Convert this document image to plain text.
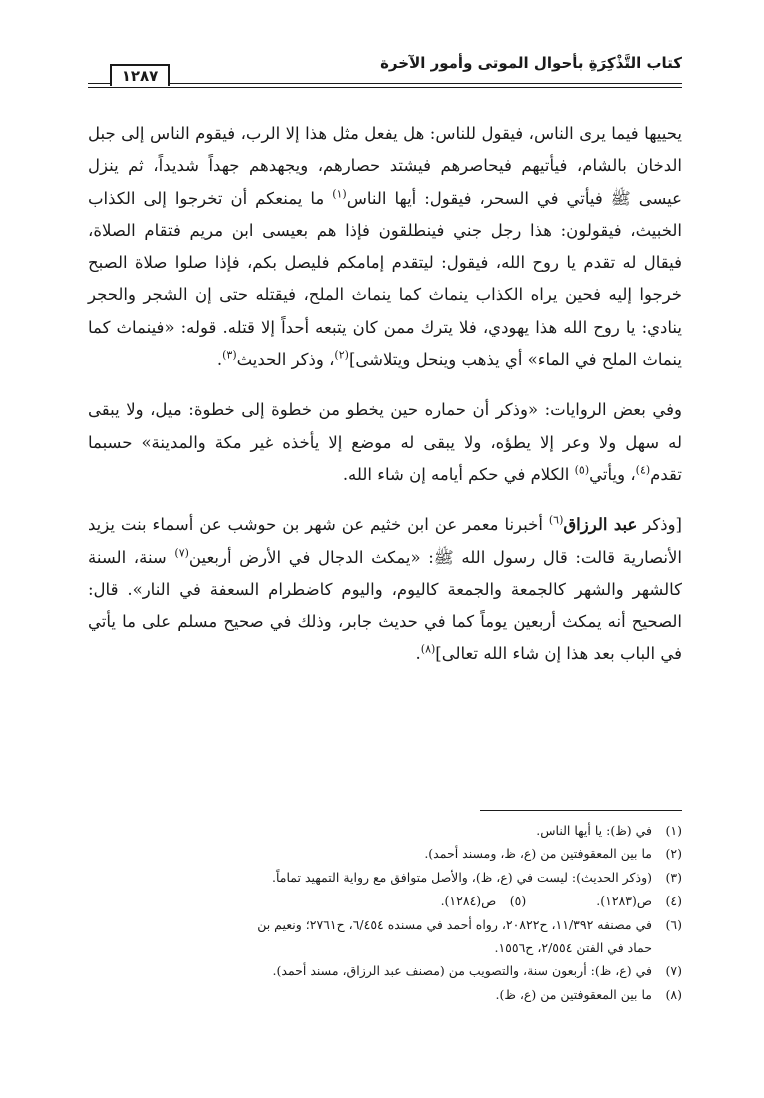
كتاب التَّذْكِرَةِ بأحوال الموتى وأمور الآخرة
١٢٨٧

يحييها فيما يرى الناس، فيقول للناس: هل يفعل مثل هذا إلا الرب، فيقوم الناس إلى جبل الدخان بالشام، فيأتيهم فيحاصرهم فيشتد حصارهم، ويجهدهم جهداً شديداً، ثم ينزل عيسى ﷺ فيأتي في السحر، فيقول: أيها الناس$^{(١)}$ ما يمنعكم أن تخرجوا إلى الكذاب الخبيث، فيقولون: هذا رجل جني فينطلقون فإذا هم بعيسى ابن مريم فتقام الصلاة، فيقال له تقدم يا روح الله، فيقول: ليتقدم إمامكم فليصل بكم، فإذا صلوا صلاة الصبح خرجوا إليه فحين يراه الكذاب ينماث كما ينماث الملح، فيقتله حتى إن الشجر والحجر ينادي: يا روح الله هذا يهودي، فلا يترك ممن كان يتبعه أحداً إلا قتله. قوله: «فينماث كما ينماث الملح في الماء» أي يذهب وينحل ويتلاشى]$^{(٢)}$، وذكر الحديث$^{(٣)}$.

وفي بعض الروايات: «وذكر أن حماره حين يخطو من خطوة إلى خطوة: ميل، ولا يبقى له سهل ولا وعر إلا يطؤه، ولا يبقى له موضع إلا يأخذه غير مكة والمدينة» حسبما تقدم$^{(٤)}$، ويأتي$^{(٥)}$ الكلام في حكم أيامه إن شاء الله.

[وذكر عبد الرزاق$^{(٦)}$ أخبرنا معمر عن ابن خثيم عن شهر بن حوشب عن أسماء بنت يزيد الأنصارية قالت: قال رسول الله ﷺ: «يمكث الدجال في الأرض أربعين$^{(٧)}$ سنة، السنة كالشهر والشهر كالجمعة والجمعة كاليوم، واليوم كاضطرام السعفة في النار». قال: الصحيح أنه يمكث أربعين يوماً كما في حديث جابر، وذلك في صحيح مسلم على ما يأتي في الباب بعد هذا إن شاء الله تعالى]$^{(٨)}$.

(١)في (ظ): يا أيها الناس.
(٢)ما بين المعقوفتين من (ع، ظ، ومسند أحمد).
(٣)(وذكر الحديث): ليست في (ع، ظ)، والأصل متوافق مع رواية التمهيد تماماً.
(٤)ص(١٢٨٣).(٥)ص(١٢٨٤).
(٦)في مصنفه ١١/٣٩٢، ح٢٠٨٢٢، رواه أحمد في مسنده ٦/٤٥٤، ح٢٧٦١؛ ونعيم بن
حماد في الفتن ٢/٥٥٤، ح١٥٥٦.
(٧)في (ع، ظ): أربعون سنة، والتصويب من (مصنف عبد الرزاق، مسند أحمد).
(٨)ما بين المعقوفتين من (ع، ظ).
